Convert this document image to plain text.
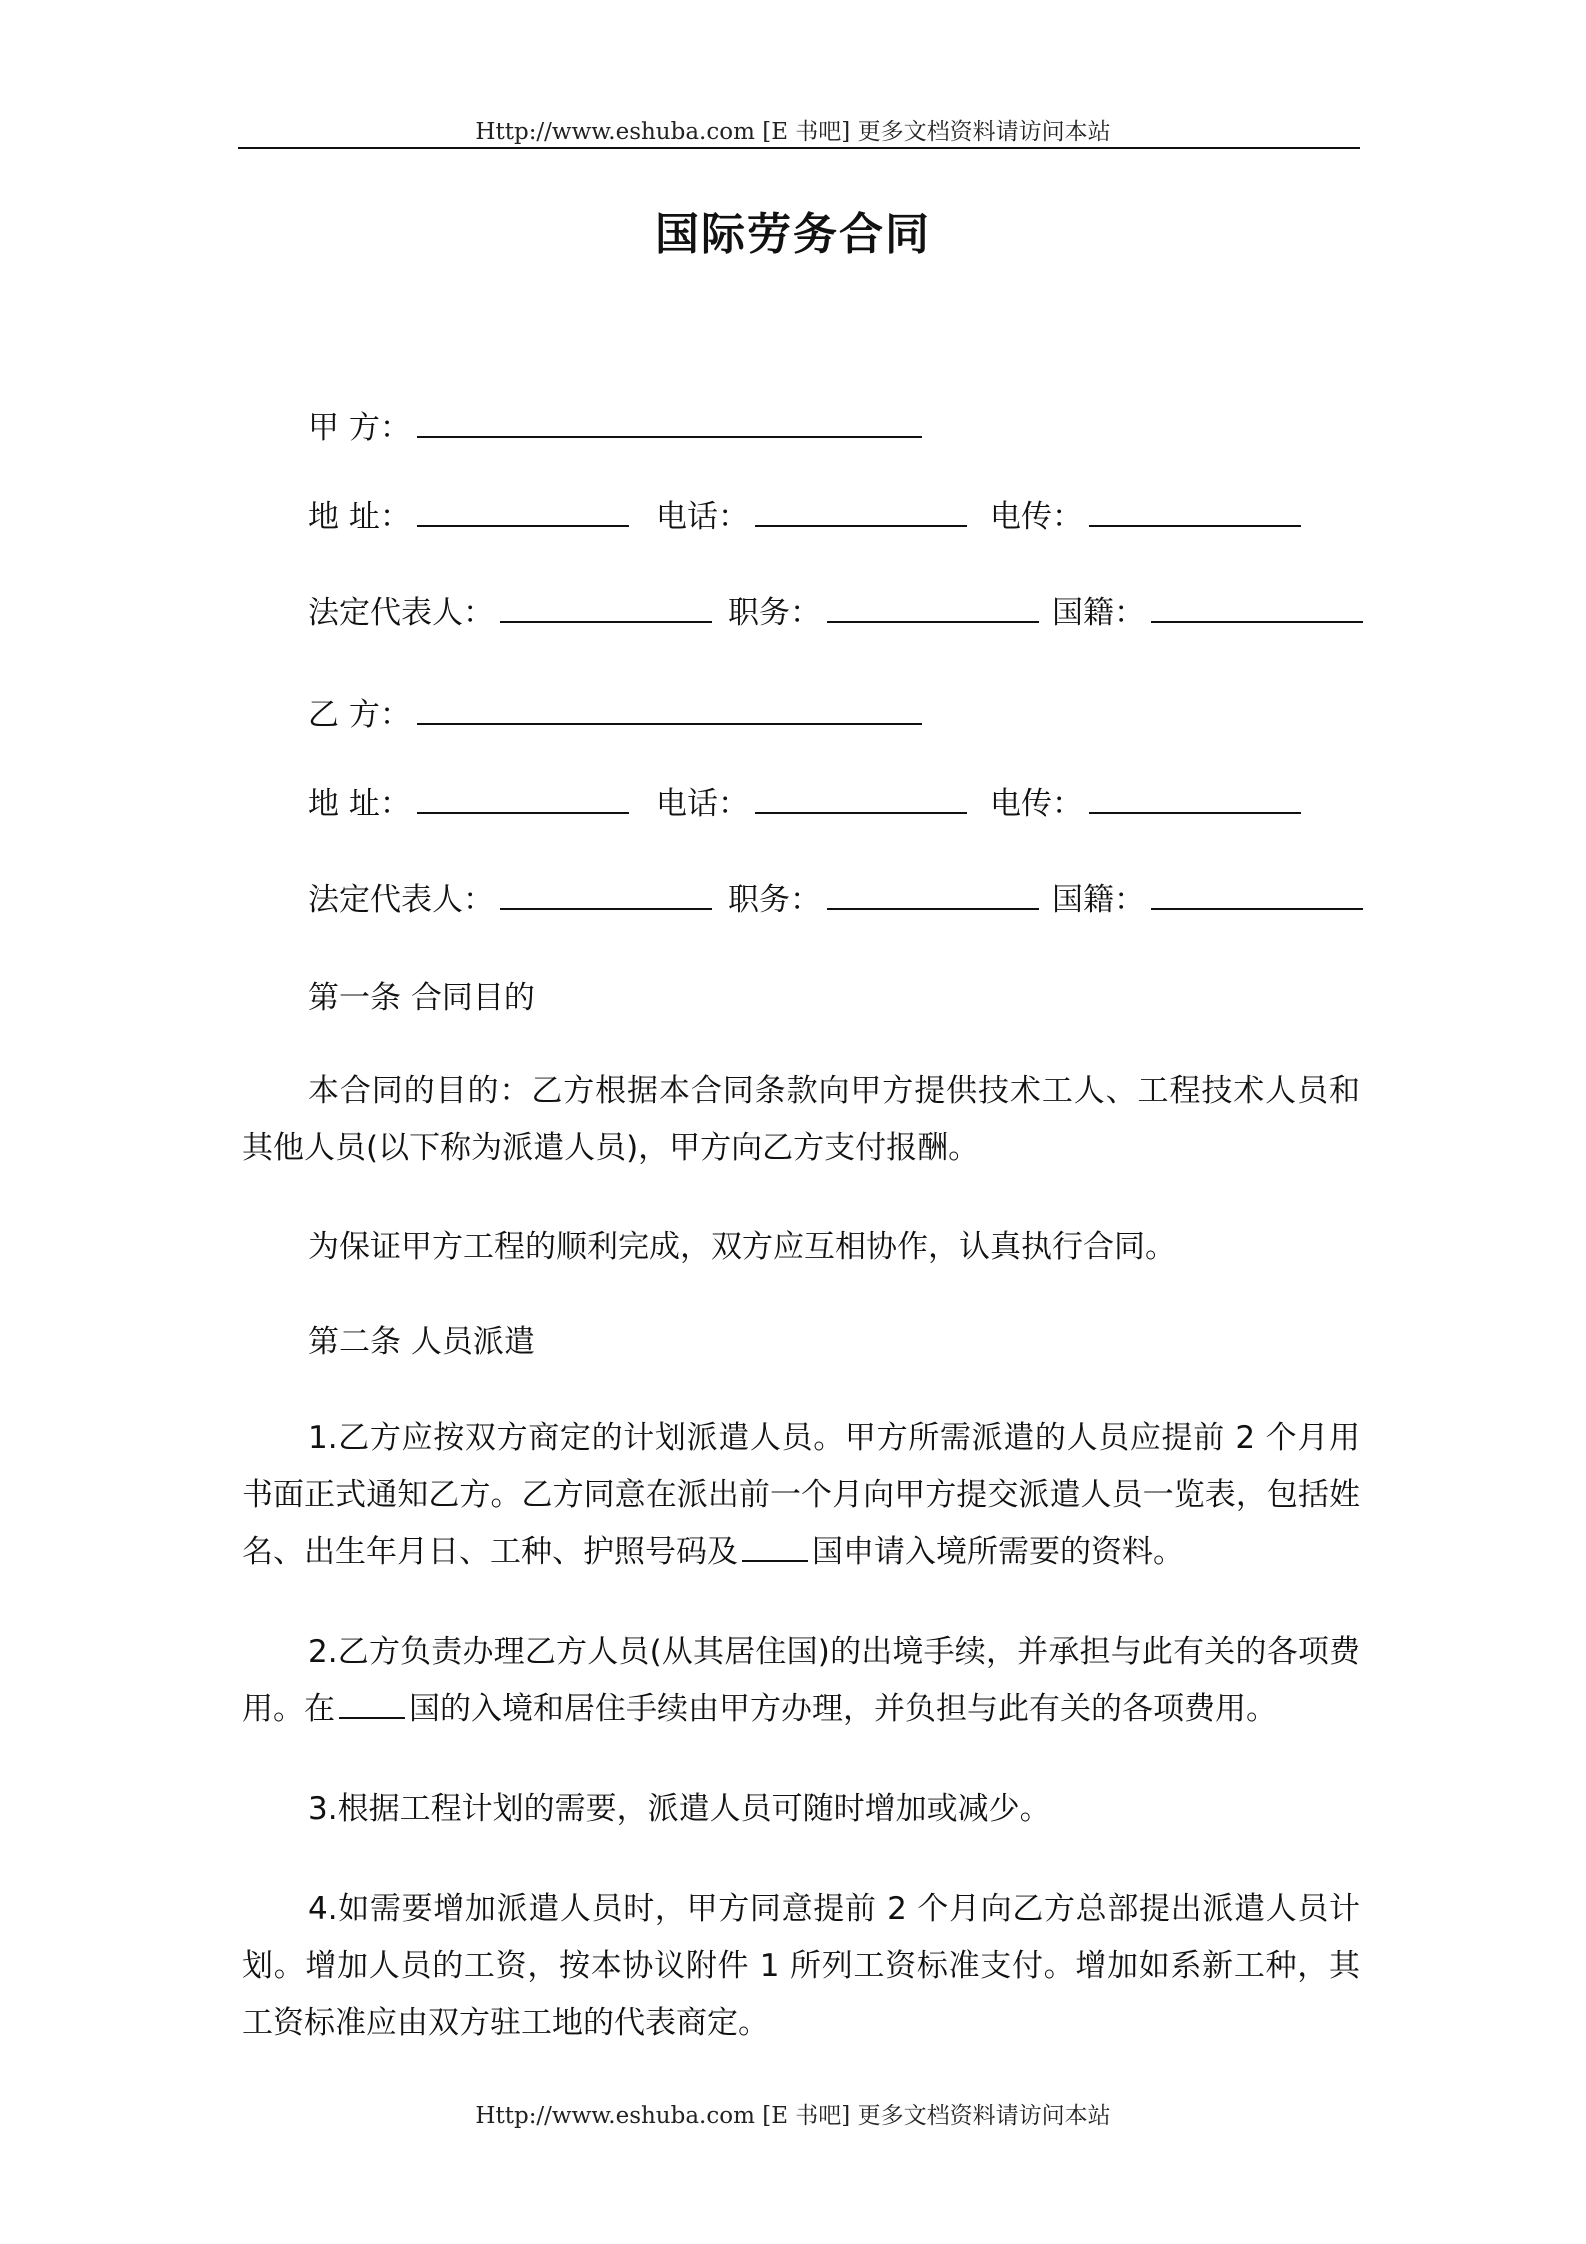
Http://www.eshuba.com [E 书吧] 更多文档资料请访问本站
国际劳务合同
甲 方：
地 址：	电话：	电传：
法定代表人：	职务：	国籍：
乙 方：
地 址：	电话：	电传：
法定代表人：	职务：	国籍：
第一条 合同目的

本合同的目的：乙方根据本合同条款向甲方提供技术工人、工程技术人员和其他人员(以下称为派遣人员)，甲方向乙方支付报酬。

为保证甲方工程的顺利完成，双方应互相协作，认真执行合同。

第二条 人员派遣

1.乙方应按双方商定的计划派遣人员。甲方所需派遣的人员应提前 2 个月用书面正式通知乙方。乙方同意在派出前一个月向甲方提交派遣人员一览表，包括姓名、出生年月日、工种、护照号码及 国申请入境所需要的资料。

2.乙方负责办理乙方人员(从其居住国)的出境手续，并承担与此有关的各项费用。在 国的入境和居住手续由甲方办理，并负担与此有关的各项费用。

3.根据工程计划的需要，派遣人员可随时增加或减少。

4.如需要增加派遣人员时，甲方同意提前 2 个月向乙方总部提出派遣人员计划。增加人员的工资，按本协议附件 1 所列工资标准支付。增加如系新工种，其工资标准应由双方驻工地的代表商定。

Http://www.eshuba.com [E 书吧] 更多文档资料请访问本站
